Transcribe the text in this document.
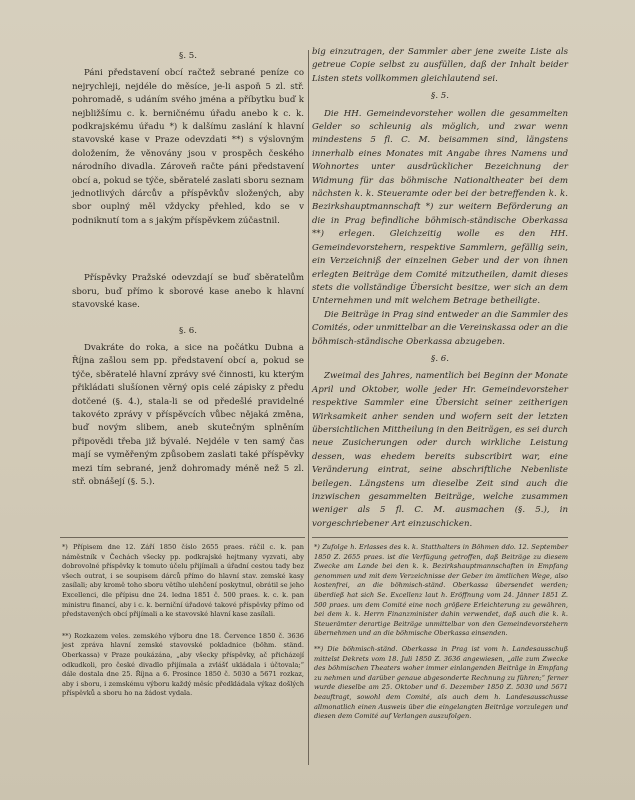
§. 5.

Páni představení obcí račtež sebrané peníze co nejrychleji, nejdéle do měsíce, je-li aspoň 5 zl. stř. pohromadě, s udáním svého jména a příbytku buď k nejbližšímu c. k. berničnému úřadu anebo k c. k. podkrajskému úřadu *) k dalšímu zaslání k hlavní stavovské kase v Praze odevzdati **) s výslovným doložením, že věnovány jsou v prospěch českého národního divadla. Zároveň račte páni představení obcí a, pokud se týče, sběratelé zaslati sboru seznam jednotlivých dárcův a příspěvkův složených, aby sbor ouplný měl vždycky přehled, kdo se v podniknutí tom a s jakým příspěvkem zúčastnil.

Příspěvky Pražské odevzdají se buď sběratelům sboru, buď přímo k sborové kase anebo k hlavní stavovské kase.

§. 6.

Dvakráte do roka, a sice na počátku Dubna a Října zašlou sem pp. představení obcí a, pokud se týče, sběratelé hlavní zprávy své činnosti, ku kterým přikládati slušíonen věrný opis celé zápisky z předu dotčené (§. 4.), stala-li se od předešlé pravidelné takovéto zprávy v příspěvcích vůbec nějaká změna, buď novým slibem, aneb skutečným splněním připovědi třeba již bývalé. Nejdéle v ten samý čas mají se vyměřeným způsobem zaslati také příspěvky mezi tím sebrané, jenž dohromady méně než 5 zl. stř. obnášejí (§. 5.).

big einzutragen, der Sammler aber jene zweite Liste als getreue Copie selbst zu ausfüllen, daß der Inhalt beider Listen stets vollkommen gleichlautend sei.

§. 5.

Die HH. Gemeindevorsteher wollen die gesammelten Gelder so schleunig als möglich, und zwar wenn mindestens 5 fl. C. M. beisammen sind, längstens innerhalb eines Monates mit Angabe ihres Namens und Wohnortes unter ausdrücklicher Bezeichnung der Widmung für das böhmische Nationaltheater bei dem nächsten k. k. Steueramte oder bei der betreffenden k. k. Bezirkshauptmannschaft *) zur weitern Beförderung an die in Prag befindliche böhmisch-ständische Oberkassa **) erlegen. Gleichzeitig wolle es den HH. Gemeindevorstehern, respektive Sammlern, gefällig sein, ein Verzeichniß der einzelnen Geber und der von ihnen erlegten Beiträge dem Comité mitzutheilen, damit dieses stets die vollständige Übersicht besitze, wer sich an dem Unternehmen und mit welchem Betrage betheiligte.

Die Beiträge in Prag sind entweder an die Sammler des Comités, oder unmittelbar an die Vereinskassa oder an die böhmisch-ständische Oberkassa abzugeben.

§. 6.

Zweimal des Jahres, namentlich bei Beginn der Monate April und Oktober, wolle jeder Hr. Gemeindevorsteher respektive Sammler eine Übersicht seiner zeitherigen Wirksamkeit anher senden und wofern seit der letzten übersichtlichen Mittheilung in den Beiträgen, es sei durch neue Zusicherungen oder durch wirkliche Leistung dessen, was ehedem bereits subscribirt war, eine Veränderung eintrat, seine abschriftliche Nebenliste beilegen. Längstens um dieselbe Zeit sind auch die inzwischen gesammelten Beiträge, welche zusammen weniger als 5 fl. C. M. ausmachen (§. 5.), in vorgeschriebener Art einzuschicken.

*) Přípisem dne 12. Září 1850 číslo 2655 praes. ráčil c. k. pan náměstník v Čechách všecky pp. podkrajské hejtmany vyzvati, aby dobrovolné příspěvky k tomuto účelu přijímali a úřadní cestou tady bez všech outrat, i se soupisem dárců přímo do hlavní stav. zemské kasy zasílali; aby kromě toho sboru větího ulehčení poskytnul, obrátil se jeho Excellenci, dle přípisu dne 24. ledna 1851 č. 500 praes. k. c. k. pan ministru financí, aby i c. k. berniční úřadové takové příspěvky přímo od představených obcí přijímali a ke stavovské hlavní kase zasílali.

**) Rozkazem veles. zemského výboru dne 18. Července 1850 č. 3636 jest zpráva hlavní zemské stavovské pokladnice (böhm. ständ. Oberkassa) v Praze poukázána, „aby všecky příspěvky, ač přicházejí odkudkoli, pro české divadlo přijímala a zvlášť ukládala i účtovala;“ dále dostala dne 25. Října a 6. Prosince 1850 č. 5030 a 5671 rozkaz, aby i sboru, i zemskému výboru každý měsíc předkládala výkaz došlých příspěvků a sboru ho na žádost vydala.

*) Zufolge h. Erlasses des k. k. Statthalters in Böhmen ddo. 12. September 1850 Z. 2655 praes. ist die Verfügung getroffen, daß Beiträge zu diesem Zwecke am Lande bei den k. k. Bezirkshauptmannschaften in Empfang genommen und mit dem Verzeichnisse der Geber im ämtlichen Wege, also kostenfrei, an die böhmisch-ständ. Oberkassa übersendet werden; überdieß hat sich Se. Excellenz laut h. Eröffnung vom 24. Jänner 1851 Z. 500 praes. um dem Comité eine noch größere Erleichterung zu gewähren, bei dem k. k. Herrn Finanzminister dahin verwendet, daß auch die k. k. Steuerämter derartige Beiträge unmittelbar von den Gemeindevorstehern übernehmen und an die böhmische Oberkassa einsenden.

**) Die böhmisch-ständ. Oberkassa in Prag ist vom h. Landesausschuß mittelst Dekrets vom 18. Juli 1850 Z. 3636 angewiesen, „alle zum Zwecke des böhmischen Theaters woher immer einlangenden Beiträge in Empfang zu nehmen und darüber genaue abgesonderte Rechnung zu führen;“ ferner wurde dieselbe am 25. Oktober und 6. Dezember 1850 Z. 5030 und 5671 beauftragt, sowohl dem Comité, als auch dem h. Landesausschusse allmonatlich einen Ausweis über die eingelangten Beiträge vorzulegen und diesen dem Comité auf Verlangen auszufolgen.
